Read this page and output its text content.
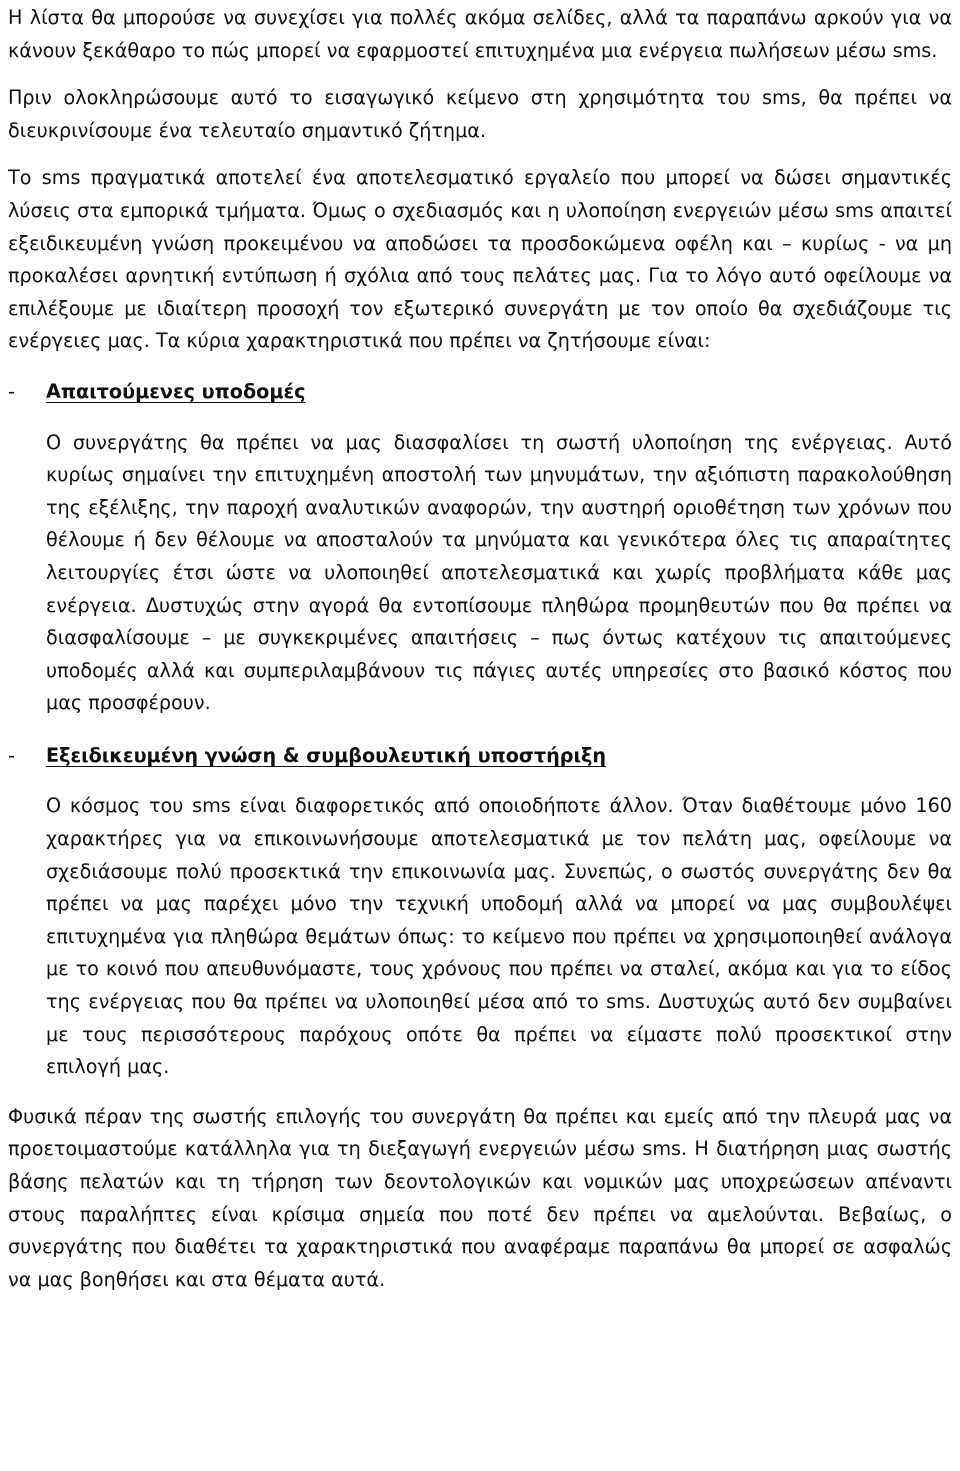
Η λίστα θα μπορούσε να συνεχίσει για πολλές ακόμα σελίδες, αλλά τα παραπάνω αρκούν για να κάνουν ξεκάθαρο το πώς μπορεί να εφαρμοστεί επιτυχημένα μια ενέργεια πωλήσεων μέσω sms.

Πριν ολοκληρώσουμε αυτό το εισαγωγικό κείμενο στη χρησιμότητα του sms, θα πρέπει να διευκρινίσουμε ένα τελευταίο σημαντικό ζήτημα.

Το sms πραγματικά αποτελεί ένα αποτελεσματικό εργαλείο που μπορεί να δώσει σημαντικές λύσεις στα εμπορικά τμήματα. Όμως ο σχεδιασμός και η υλοποίηση ενεργειών μέσω sms απαιτεί εξειδικευμένη γνώση προκειμένου να αποδώσει τα προσδοκώμενα οφέλη και – κυρίως - να μη προκαλέσει αρνητική εντύπωση ή σχόλια από τους πελάτες μας. Για το λόγο αυτό οφείλουμε να επιλέξουμε με ιδιαίτερη προσοχή τον εξωτερικό συνεργάτη με τον οποίο θα σχεδιάζουμε τις ενέργειες μας. Τα κύρια χαρακτηριστικά που πρέπει να ζητήσουμε είναι:

-	Απαιτούμενες υποδομές

Ο συνεργάτης θα πρέπει να μας διασφαλίσει τη σωστή υλοποίηση της ενέργειας. Αυτό κυρίως σημαίνει την επιτυχημένη αποστολή των μηνυμάτων, την αξιόπιστη παρακολούθηση της εξέλιξης, την παροχή αναλυτικών αναφορών, την αυστηρή οριοθέτηση των χρόνων που θέλουμε ή δεν θέλουμε να αποσταλούν τα μηνύματα και γενικότερα όλες τις απαραίτητες λειτουργίες έτσι ώστε να υλοποιηθεί αποτελεσματικά και χωρίς προβλήματα κάθε μας ενέργεια. Δυστυχώς στην αγορά θα εντοπίσουμε πληθώρα προμηθευτών που θα πρέπει να διασφαλίσουμε – με συγκεκριμένες απαιτήσεις – πως όντως κατέχουν τις απαιτούμενες υποδομές αλλά και συμπεριλαμβάνουν τις πάγιες αυτές υπηρεσίες στο βασικό κόστος που μας προσφέρουν.

-	Εξειδικευμένη γνώση & συμβουλευτική υποστήριξη

Ο κόσμος του sms είναι διαφορετικός από οποιοδήποτε άλλον. Όταν διαθέτουμε μόνο 160 χαρακτήρες για να επικοινωνήσουμε αποτελεσματικά με τον πελάτη μας, οφείλουμε να σχεδιάσουμε πολύ προσεκτικά την επικοινωνία μας. Συνεπώς, ο σωστός συνεργάτης δεν θα πρέπει να μας παρέχει μόνο την τεχνική υποδομή αλλά να μπορεί να μας συμβουλέψει επιτυχημένα για πληθώρα θεμάτων όπως: το κείμενο που πρέπει να χρησιμοποιηθεί ανάλογα με το κοινό που απευθυνόμαστε, τους χρόνους που πρέπει να σταλεί, ακόμα και για το είδος της ενέργειας που θα πρέπει να υλοποιηθεί μέσα από το sms. Δυστυχώς αυτό δεν συμβαίνει με τους περισσότερους παρόχους οπότε θα πρέπει να είμαστε πολύ προσεκτικοί στην επιλογή μας.

Φυσικά πέραν της σωστής επιλογής του συνεργάτη θα πρέπει και εμείς από την πλευρά μας να προετοιμαστούμε κατάλληλα για τη διεξαγωγή ενεργειών μέσω sms. Η διατήρηση μιας σωστής βάσης πελατών και τη τήρηση των δεοντολογικών και νομικών μας υποχρεώσεων απέναντι στους παραλήπτες είναι κρίσιμα σημεία που ποτέ δεν πρέπει να αμελούνται. Βεβαίως, ο συνεργάτης που διαθέτει τα χαρακτηριστικά που αναφέραμε παραπάνω θα μπορεί σε ασφαλώς να μας βοηθήσει και στα θέματα αυτά.
